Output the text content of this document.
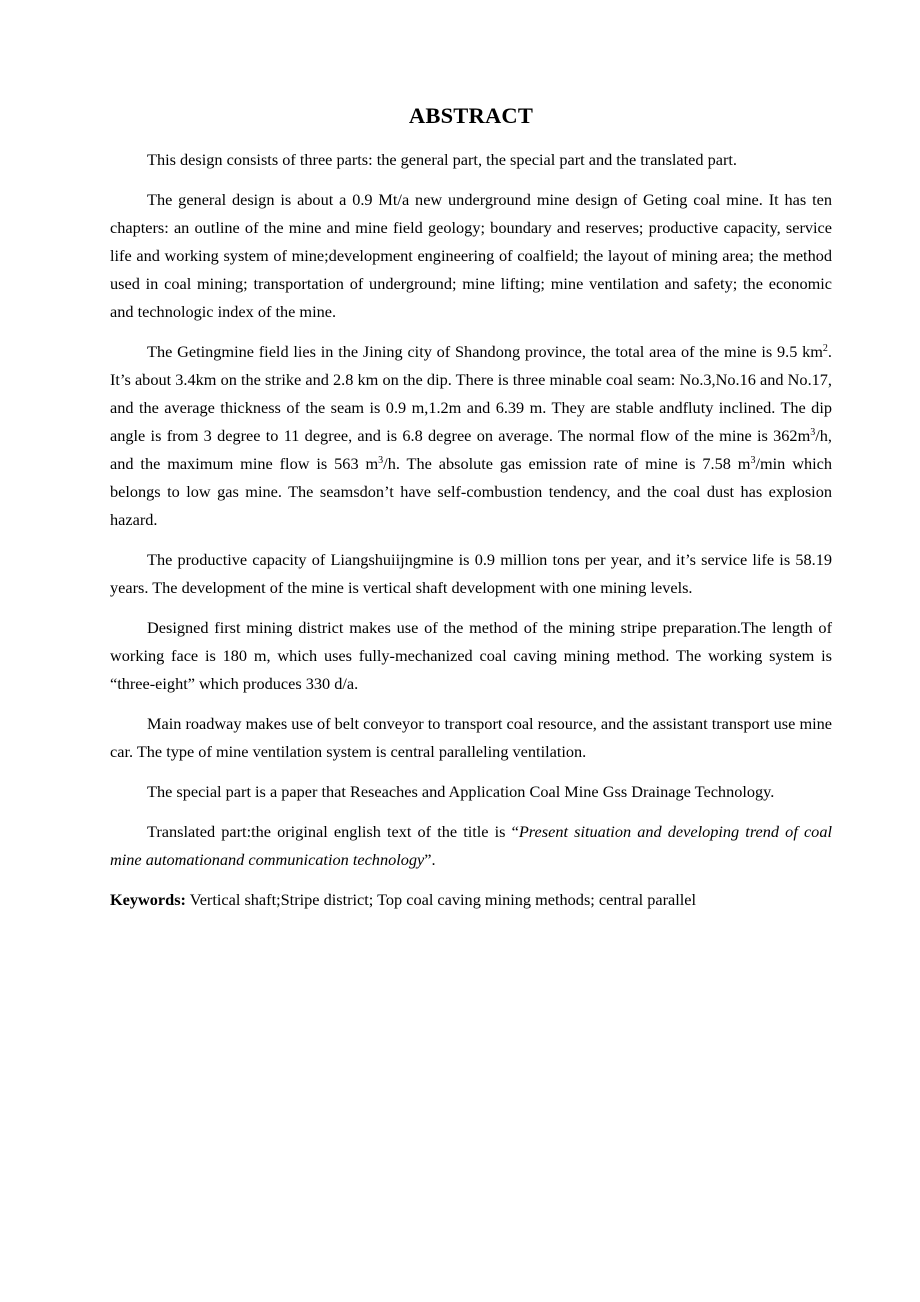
ABSTRACT

This design consists of three parts: the general part, the special part and the translated part.

The general design is about a 0.9 Mt/a new underground mine design of Geting coal mine. It has ten chapters: an outline of the mine and mine field geology; boundary and reserves; productive capacity, service life and working system of mine;development engineering of coalfield; the layout of mining area; the method used in coal mining; transportation of underground; mine lifting; mine ventilation and safety; the economic and technologic index of the mine.

The Getingmine field lies in the Jining city of Shandong province, the total area of the mine is 9.5 $km^2$. It’s about 3.4km on the strike and 2.8 km on the dip. There is three minable coal seam: No.3,No.16 and No.17, and the average thickness of the seam is 0.9 m,1.2m and 6.39 m. They are stable andfluty inclined. The dip angle is from 3 degree to 11 degree, and is 6.8 degree on average. The normal flow of the mine is $362m^3/h$, and the maximum mine flow is 563 $m^3/h$. The absolute gas emission rate of mine is 7.58 $m^3/\min$ which belongs to low gas mine. The seamsdon’t have self-combustion tendency, and the coal dust has explosion hazard.

The productive capacity of Liangshuiijngmine is 0.9 million tons per year, and it’s service life is 58.19 years. The development of the mine is vertical shaft development with one mining levels.

Designed first mining district makes use of the method of the mining stripe preparation.The length of working face is 180 m, which uses fully-mechanized coal caving mining method. The working system is “three-eight” which produces 330 d/a.

Main roadway makes use of belt conveyor to transport coal resource, and the assistant transport use mine car. The type of mine ventilation system is central paralleling ventilation.

The special part is a paper that Reseaches and Application Coal Mine Gss Drainage Technology.

Translated part:the original english text of the title is “Present situation and developing trend of coal mine automationand communication technology”.

Keywords: Vertical shaft;Stripe district; Top coal caving mining methods; central parallel
